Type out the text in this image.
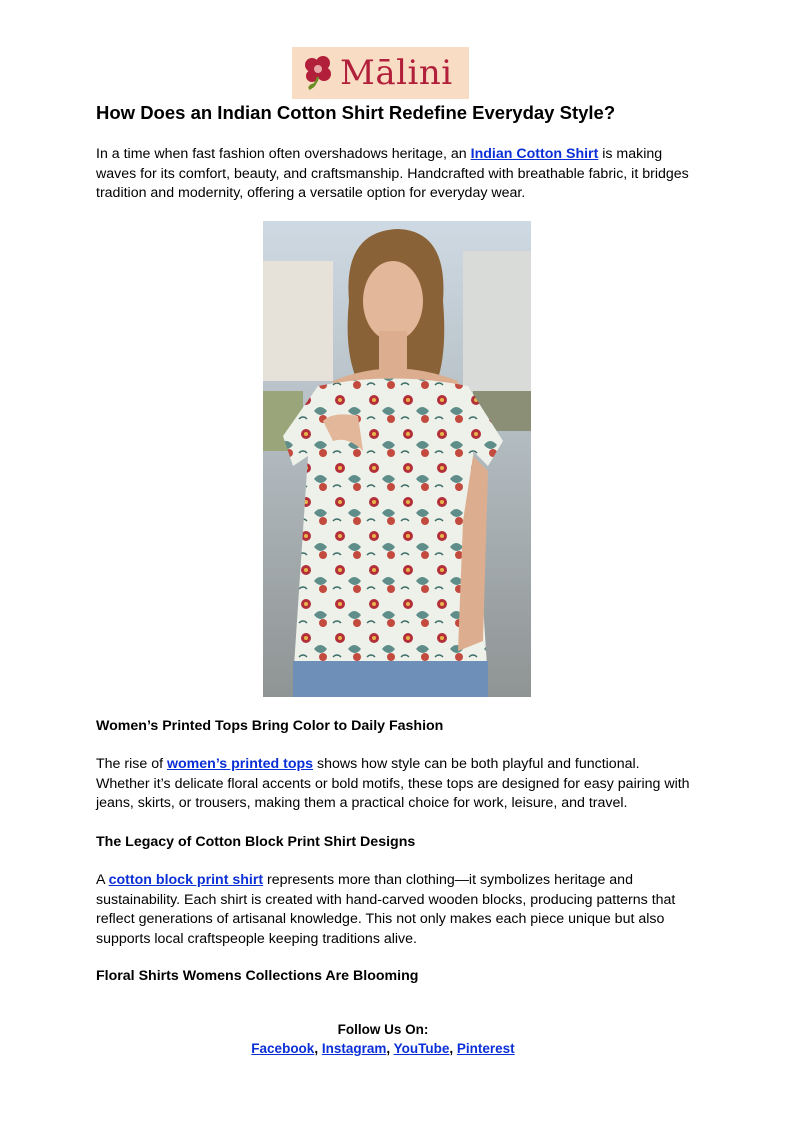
Mālini
How Does an Indian Cotton Shirt Redefine Everyday Style?

In a time when fast fashion often overshadows heritage, an Indian Cotton Shirt is making waves for its comfort, beauty, and craftsmanship. Handcrafted with breathable fabric, it bridges tradition and modernity, offering a versatile option for everyday wear.

Women’s Printed Tops Bring Color to Daily Fashion

The rise of women’s printed tops shows how style can be both playful and functional. Whether it’s delicate floral accents or bold motifs, these tops are designed for easy pairing with jeans, skirts, or trousers, making them a practical choice for work, leisure, and travel.

The Legacy of Cotton Block Print Shirt Designs

A cotton block print shirt represents more than clothing—it symbolizes heritage and sustainability. Each shirt is created with hand-carved wooden blocks, producing patterns that reflect generations of artisanal knowledge. This not only makes each piece unique but also supports local craftspeople keeping traditions alive.

Floral Shirts Womens Collections Are Blooming
Follow Us On:
Facebook, Instagram, YouTube, Pinterest
